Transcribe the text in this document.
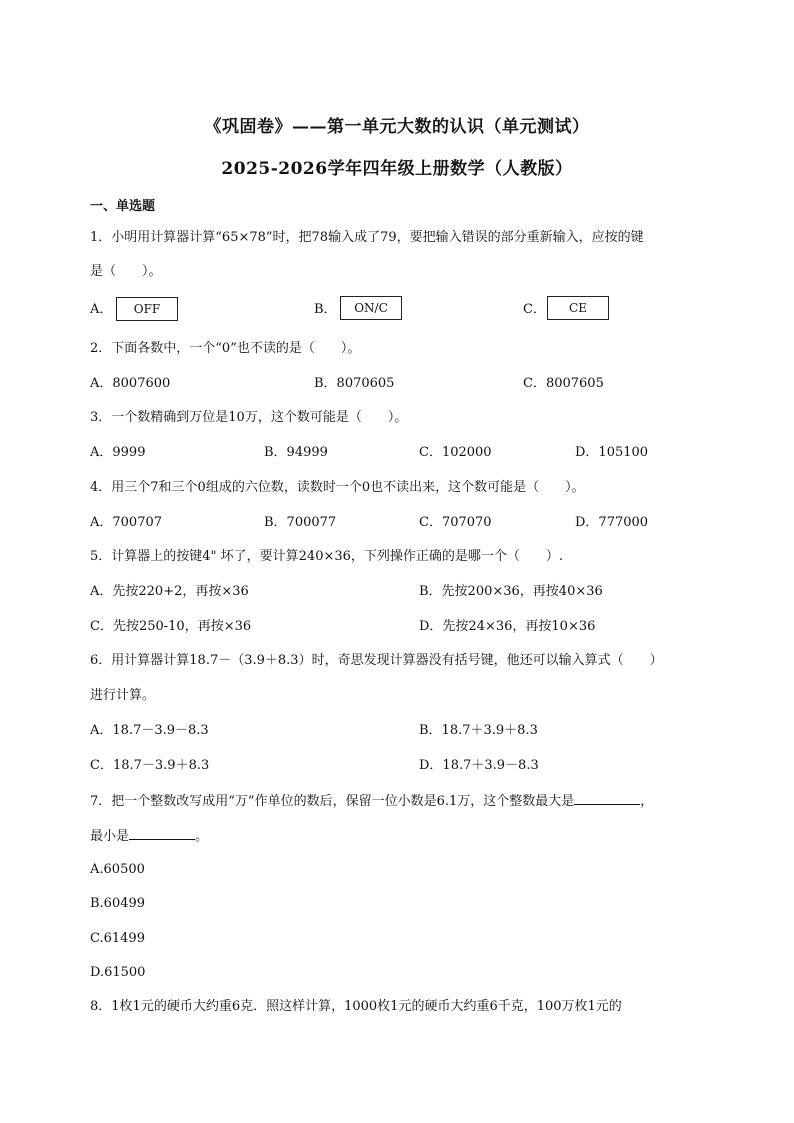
《巩固卷》——第一单元大数的认识（单元测试）
2025-2026学年四年级上册数学（人教版）
一、单选题
1．小明用计算器计算“65×78”时，把78输入成了79，要把输入错误的部分重新输入，应按的键
是（　　）。
A．	OFF	B．	ON/C	C．	CE
2．下面各数中，一个“0”也不读的是（　　）。
A．8007600	B．8070605	C．8007605
3．一个数精确到万位是10万，这个数可能是（　　）。
A．9999	B．94999	C．102000	D．105100
4．用三个7和三个0组成的六位数，读数时一个0也不读出来，这个数可能是（　　）。
A．700707	B．700077	C．707070	D．777000
5．计算器上的按键4" 坏了，要计算240×36，下列操作正确的是哪一个（　　）.
A．先按220+2，再按×36	B．先按200×36，再按40×36
C．先按250-10，再按×36	D．先按24×36，再按10×36
6．用计算器计算18.7－（3.9＋8.3）时，奇思发现计算器没有括号键，他还可以输入算式（　　）
进行计算。
A．18.7－3.9－8.3	B．18.7＋3.9＋8.3
C．18.7－3.9＋8.3	D．18.7＋3.9－8.3
7．把一个整数改写成用“万”作单位的数后，保留一位小数是6.1万，这个整数最大是	，
最小是	。
A.60500
B.60499
C.61499
D.61500
8．1枚1元的硬币大约重6克．照这样计算，1000枚1元的硬币大约重6千克，100万枚1元的
